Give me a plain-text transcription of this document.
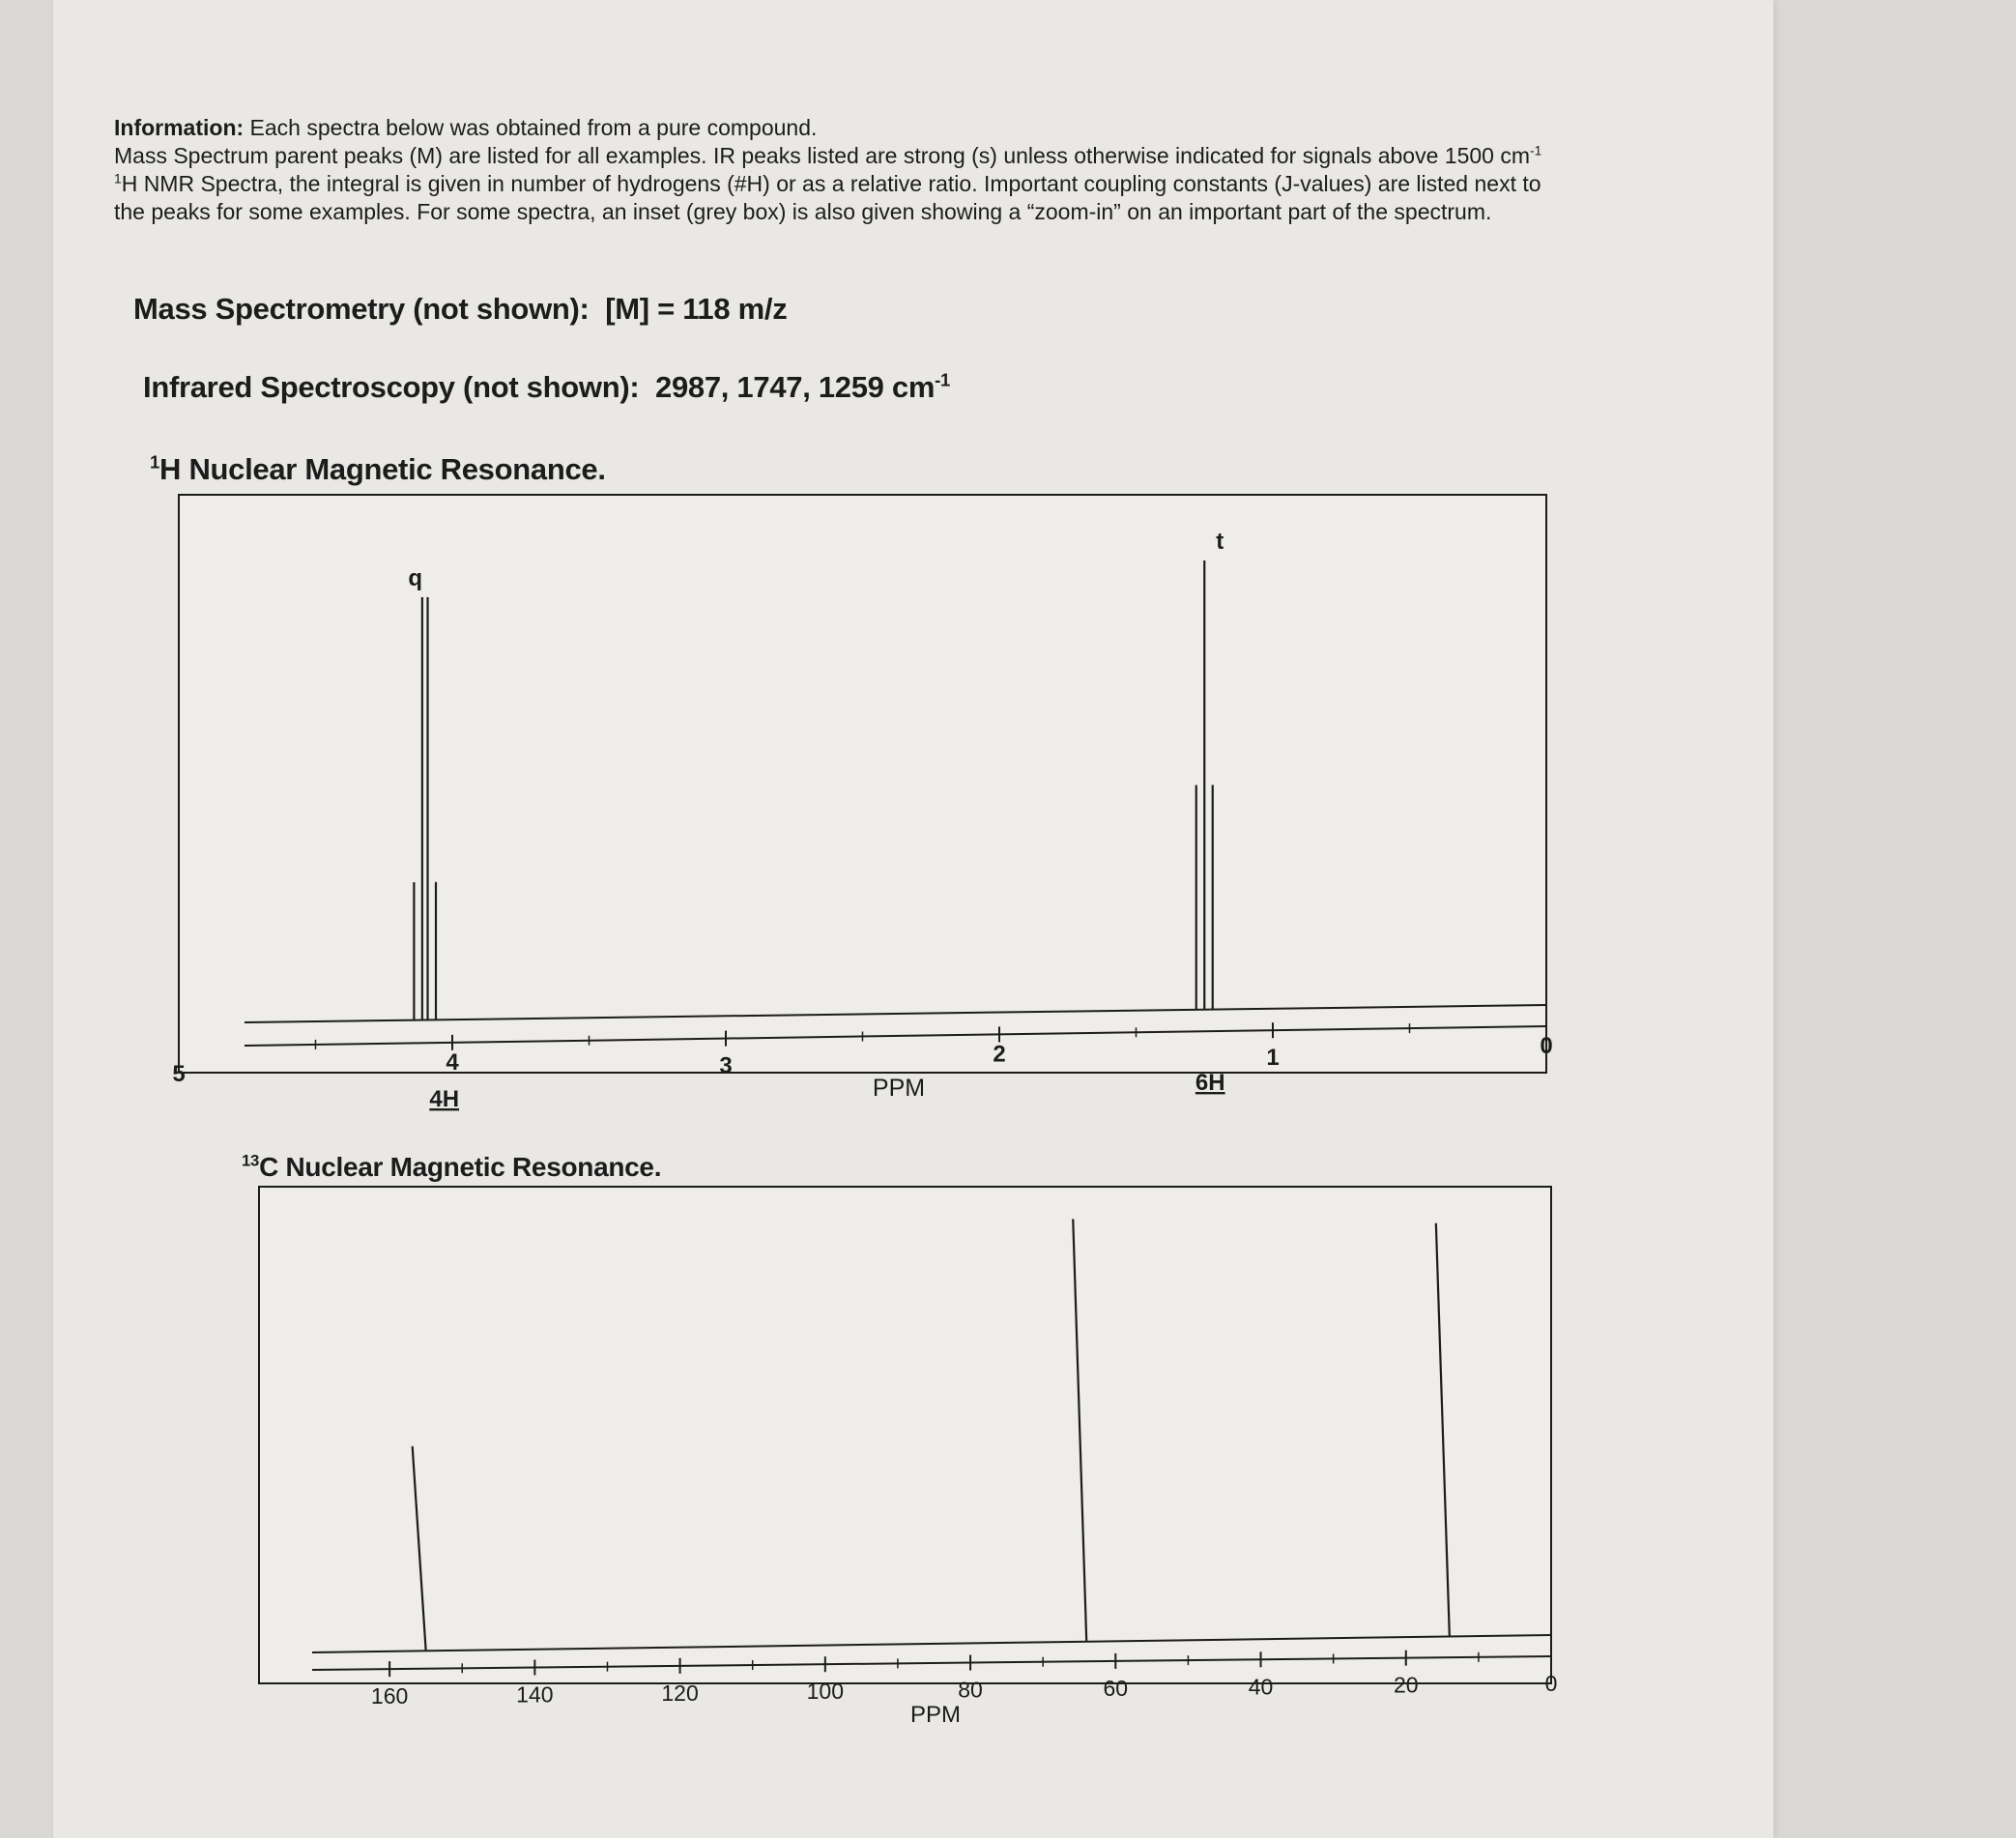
Information: Each spectra below was obtained from a pure compound.

Mass Spectrum parent peaks (M) are listed for all examples. IR peaks listed are strong (s) unless otherwise indicated for signals above 1500 $cm^{-1}$

$^1$H NMR Spectra, the integral is given in number of hydrogens (#H) or as a relative ratio. Important coupling constants (J-values) are listed next to

the peaks for some examples. For some spectra, an inset (grey box) is also given showing a “zoom-in” on an important part of the spectrum.

Mass Spectrometry (not shown): [M] = 118 m/z
Infrared Spectroscopy (not shown): 2987, 1747, 1259 $cm^{-1}$
$^1$H Nuclear Magnetic Resonance.
$^{13}$C Nuclear Magnetic Resonance.
q
4H
t
6H
5	4	3	2	1	0
PPM
160	140	120	100	80	60	40	20	0
PPM
